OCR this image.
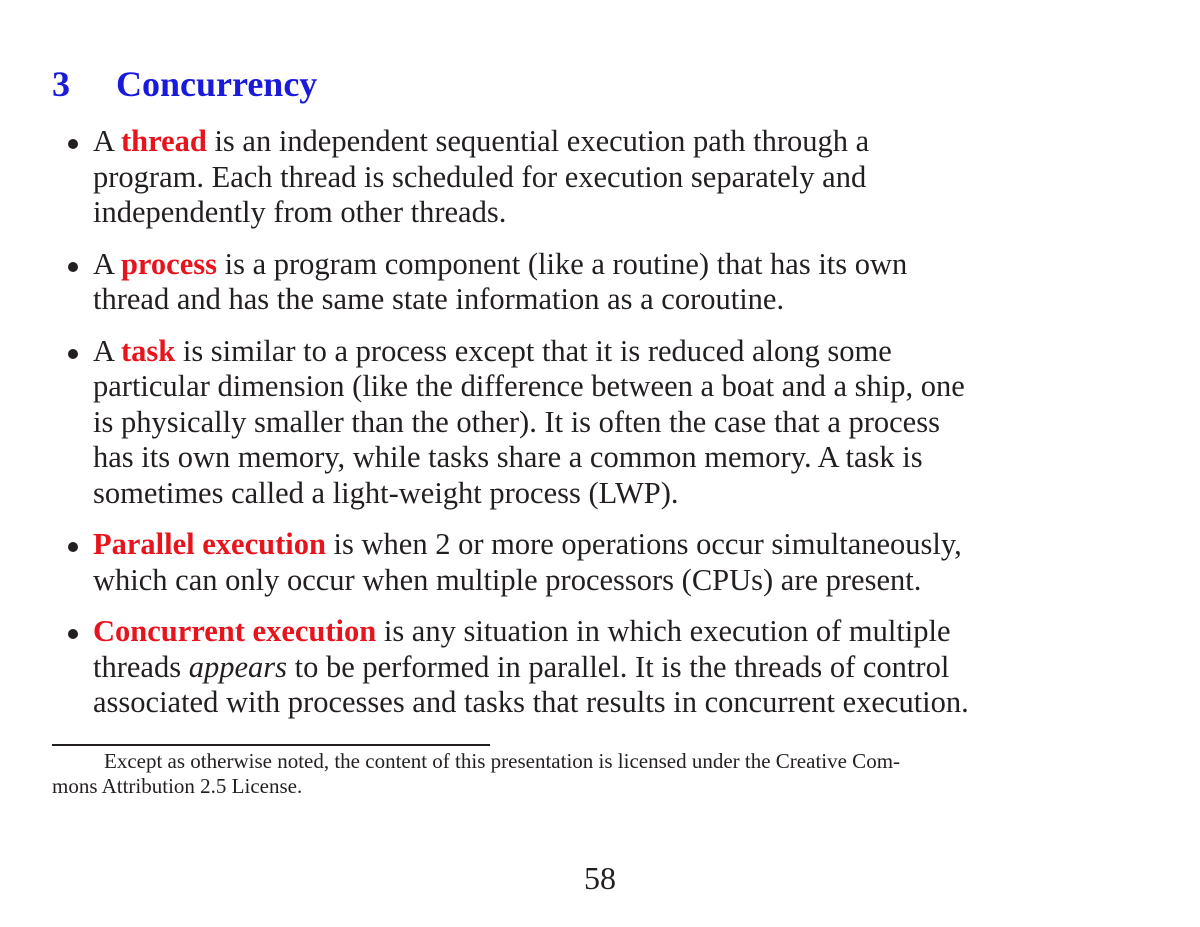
3 Concurrency
A thread is an independent sequential execution path through a
program. Each thread is scheduled for execution separately and
independently from other threads.
A process is a program component (like a routine) that has its own
thread and has the same state information as a coroutine.
A task is similar to a process except that it is reduced along some
particular dimension (like the difference between a boat and a ship, one
is physically smaller than the other). It is often the case that a process
has its own memory, while tasks share a common memory. A task is
sometimes called a light-weight process (LWP).
Parallel execution is when 2 or more operations occur simultaneously,
which can only occur when multiple processors (CPUs) are present.
Concurrent execution is any situation in which execution of multiple
threads appears to be performed in parallel. It is the threads of control
associated with processes and tasks that results in concurrent execution.
Except as otherwise noted, the content of this presentation is licensed under the Creative Com-
mons Attribution 2.5 License.
58
